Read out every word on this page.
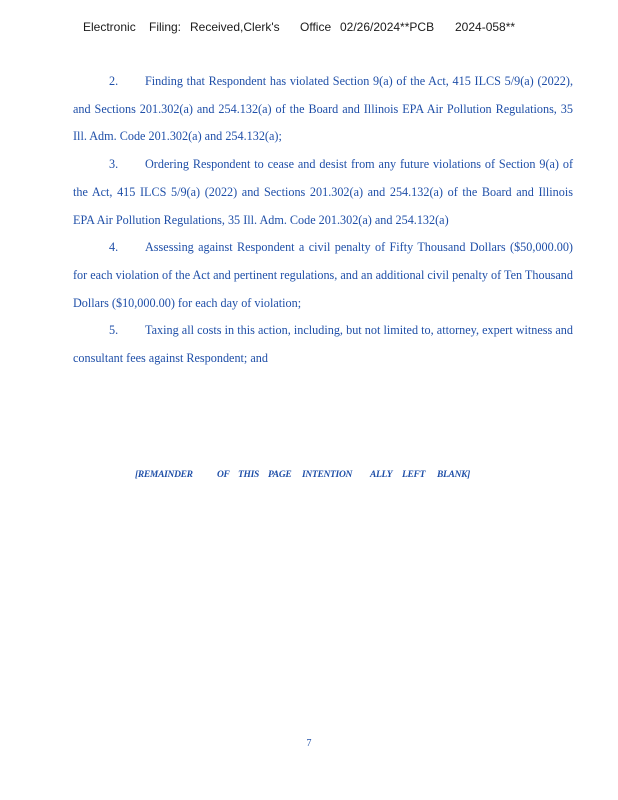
Electronic Filing: Received,Clerk's Office 02/26/2024**PCB 2024-058**

2. Finding that Respondent has violated Section 9(a) of the Act, 415 ILCS 5/9(a) (2022), and Sections 201.302(a) and 254.132(a) of the Board and Illinois EPA Air Pollution Regulations, 35 Ill. Adm. Code 201.302(a) and 254.132(a);

3. Ordering Respondent to cease and desist from any future violations of Section 9(a) of the Act, 415 ILCS 5/9(a) (2022) and Sections 201.302(a) and 254.132(a) of the Board and Illinois EPA Air Pollution Regulations, 35 Ill. Adm. Code 201.302(a) and 254.132(a)

4. Assessing against Respondent a civil penalty of Fifty Thousand Dollars ($50,000.00) for each violation of the Act and pertinent regulations, and an additional civil penalty of Ten Thousand Dollars ($10,000.00) for each day of violation;

5. Taxing all costs in this action, including, but not limited to, attorney, expert witness and consultant fees against Respondent; and

[REMAINDER	OF THIS PAGE INTENTION ALLY LEFT BLANK]
7
